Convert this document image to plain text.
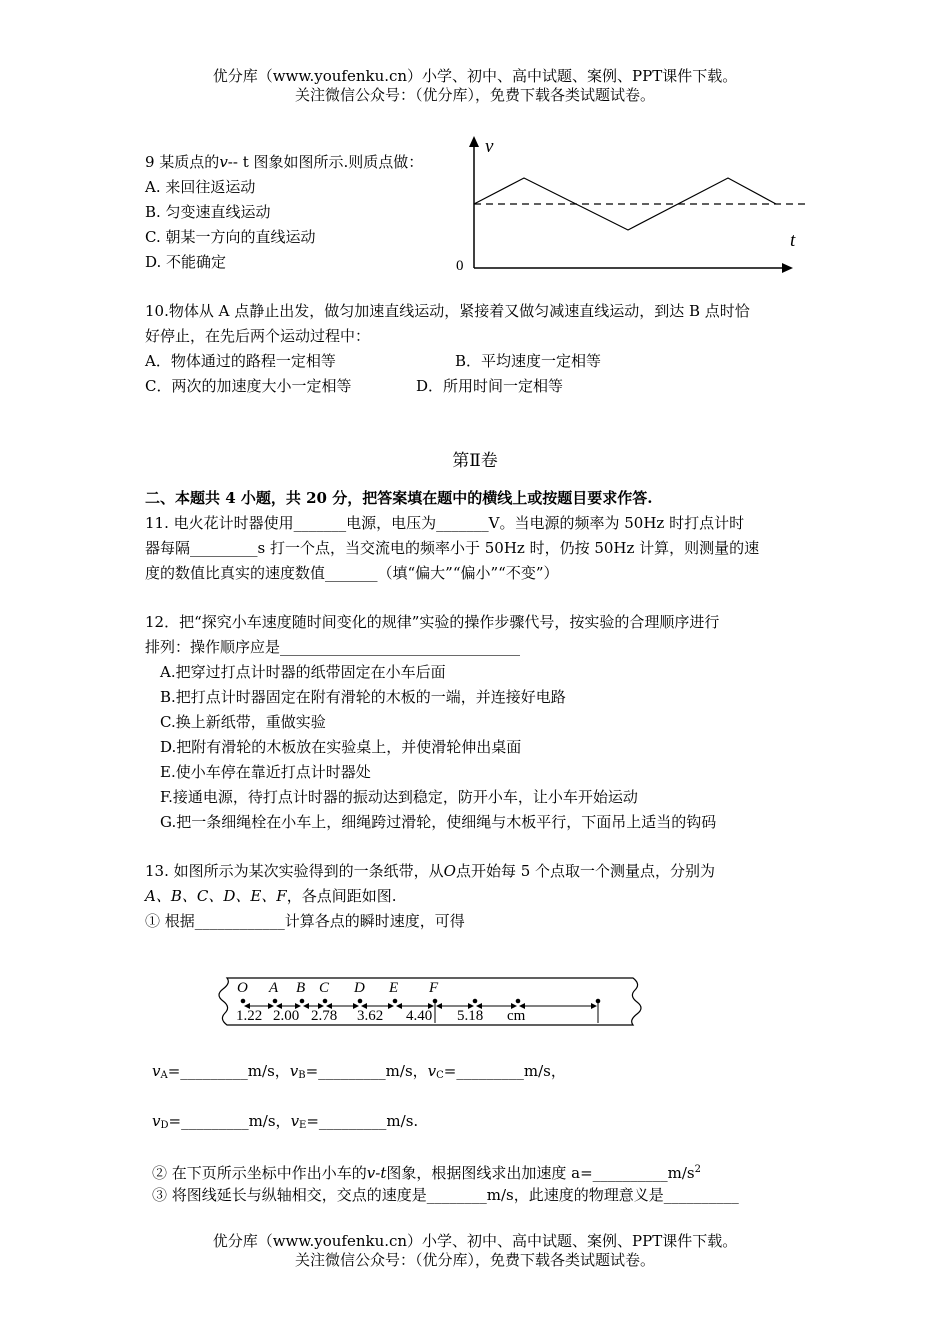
优分库（www.youfenku.cn）小学、初中、高中试题、案例、PPT课件下载。
关注微信公众号：（优分库），免费下载各类试题试卷。
9 某质点的v-- t 图象如图所示.则质点做：
A. 来回往返运动
B. 匀变速直线运动
C. 朝某一方向的直线运动
D. 不能确定
v
t
0
10.物体从 A 点静止出发，做匀加速直线运动，紧接着又做匀减速直线运动，到达 B 点时恰
好停止，在先后两个运动过程中：
A．物体通过的路程一定相等	B．平均速度一定相等
C．两次的加速度大小一定相等	D．所用时间一定相等
第Ⅱ卷
二、本题共 4 小题，共 20 分，把答案填在题中的横线上或按题目要求作答.
11. 电火花计时器使用_______电源，电压为_______V。当电源的频率为 50Hz 时打点计时
器每隔_________s 打一个点，当交流电的频率小于 50Hz 时，仍按 50Hz 计算，则测量的速
度的数值比真实的速度数值_______（填“偏大”“偏小”“不变”）
12．把“探究小车速度随时间变化的规律”实验的操作步骤代号，按实验的合理顺序进行
排列：操作顺序应是________________________________
A.把穿过打点计时器的纸带固定在小车后面
B.把打点计时器固定在附有滑轮的木板的一端，并连接好电路
C.换上新纸带，重做实验
D.把附有滑轮的木板放在实验桌上，并使滑轮伸出桌面
E.使小车停在靠近打点计时器处
F.接通电源，待打点计时器的振动达到稳定，防开小车，让小车开始运动
G.把一条细绳栓在小车上，细绳跨过滑轮，使细绳与木板平行，下面吊上适当的钩码
13. 如图所示为某次实验得到的一条纸带，从O点开始每 5 个点取一个测量点，分别为
A、B、C、D、E、F，各点间距如图.
① 根据____________计算各点的瞬时速度，可得
O A B C D E F
1.22 2.00 2.78 3.62 4.40 5.18 cm
$v_A=\_\_\_\_\_\_\_\_\_m/s$，$v_B=\_\_\_\_\_\_\_\_\_m/s$，$v_C=\_\_\_\_\_\_\_\_\_m/s$，
$v_D=\_\_\_\_\_\_\_\_\_m/s$，$v_E=\_\_\_\_\_\_\_\_\_m/s$.
② 在下页所示坐标中作出小车的v-t图象，根据图线求出加速度 $a=\_\_\_\_\_\_\_\_\_\_m/s^2$
③ 将图线延长与纵轴相交，交点的速度是________m/s，此速度的物理意义是__________
优分库（www.youfenku.cn）小学、初中、高中试题、案例、PPT课件下载。
关注微信公众号：（优分库），免费下载各类试题试卷。
